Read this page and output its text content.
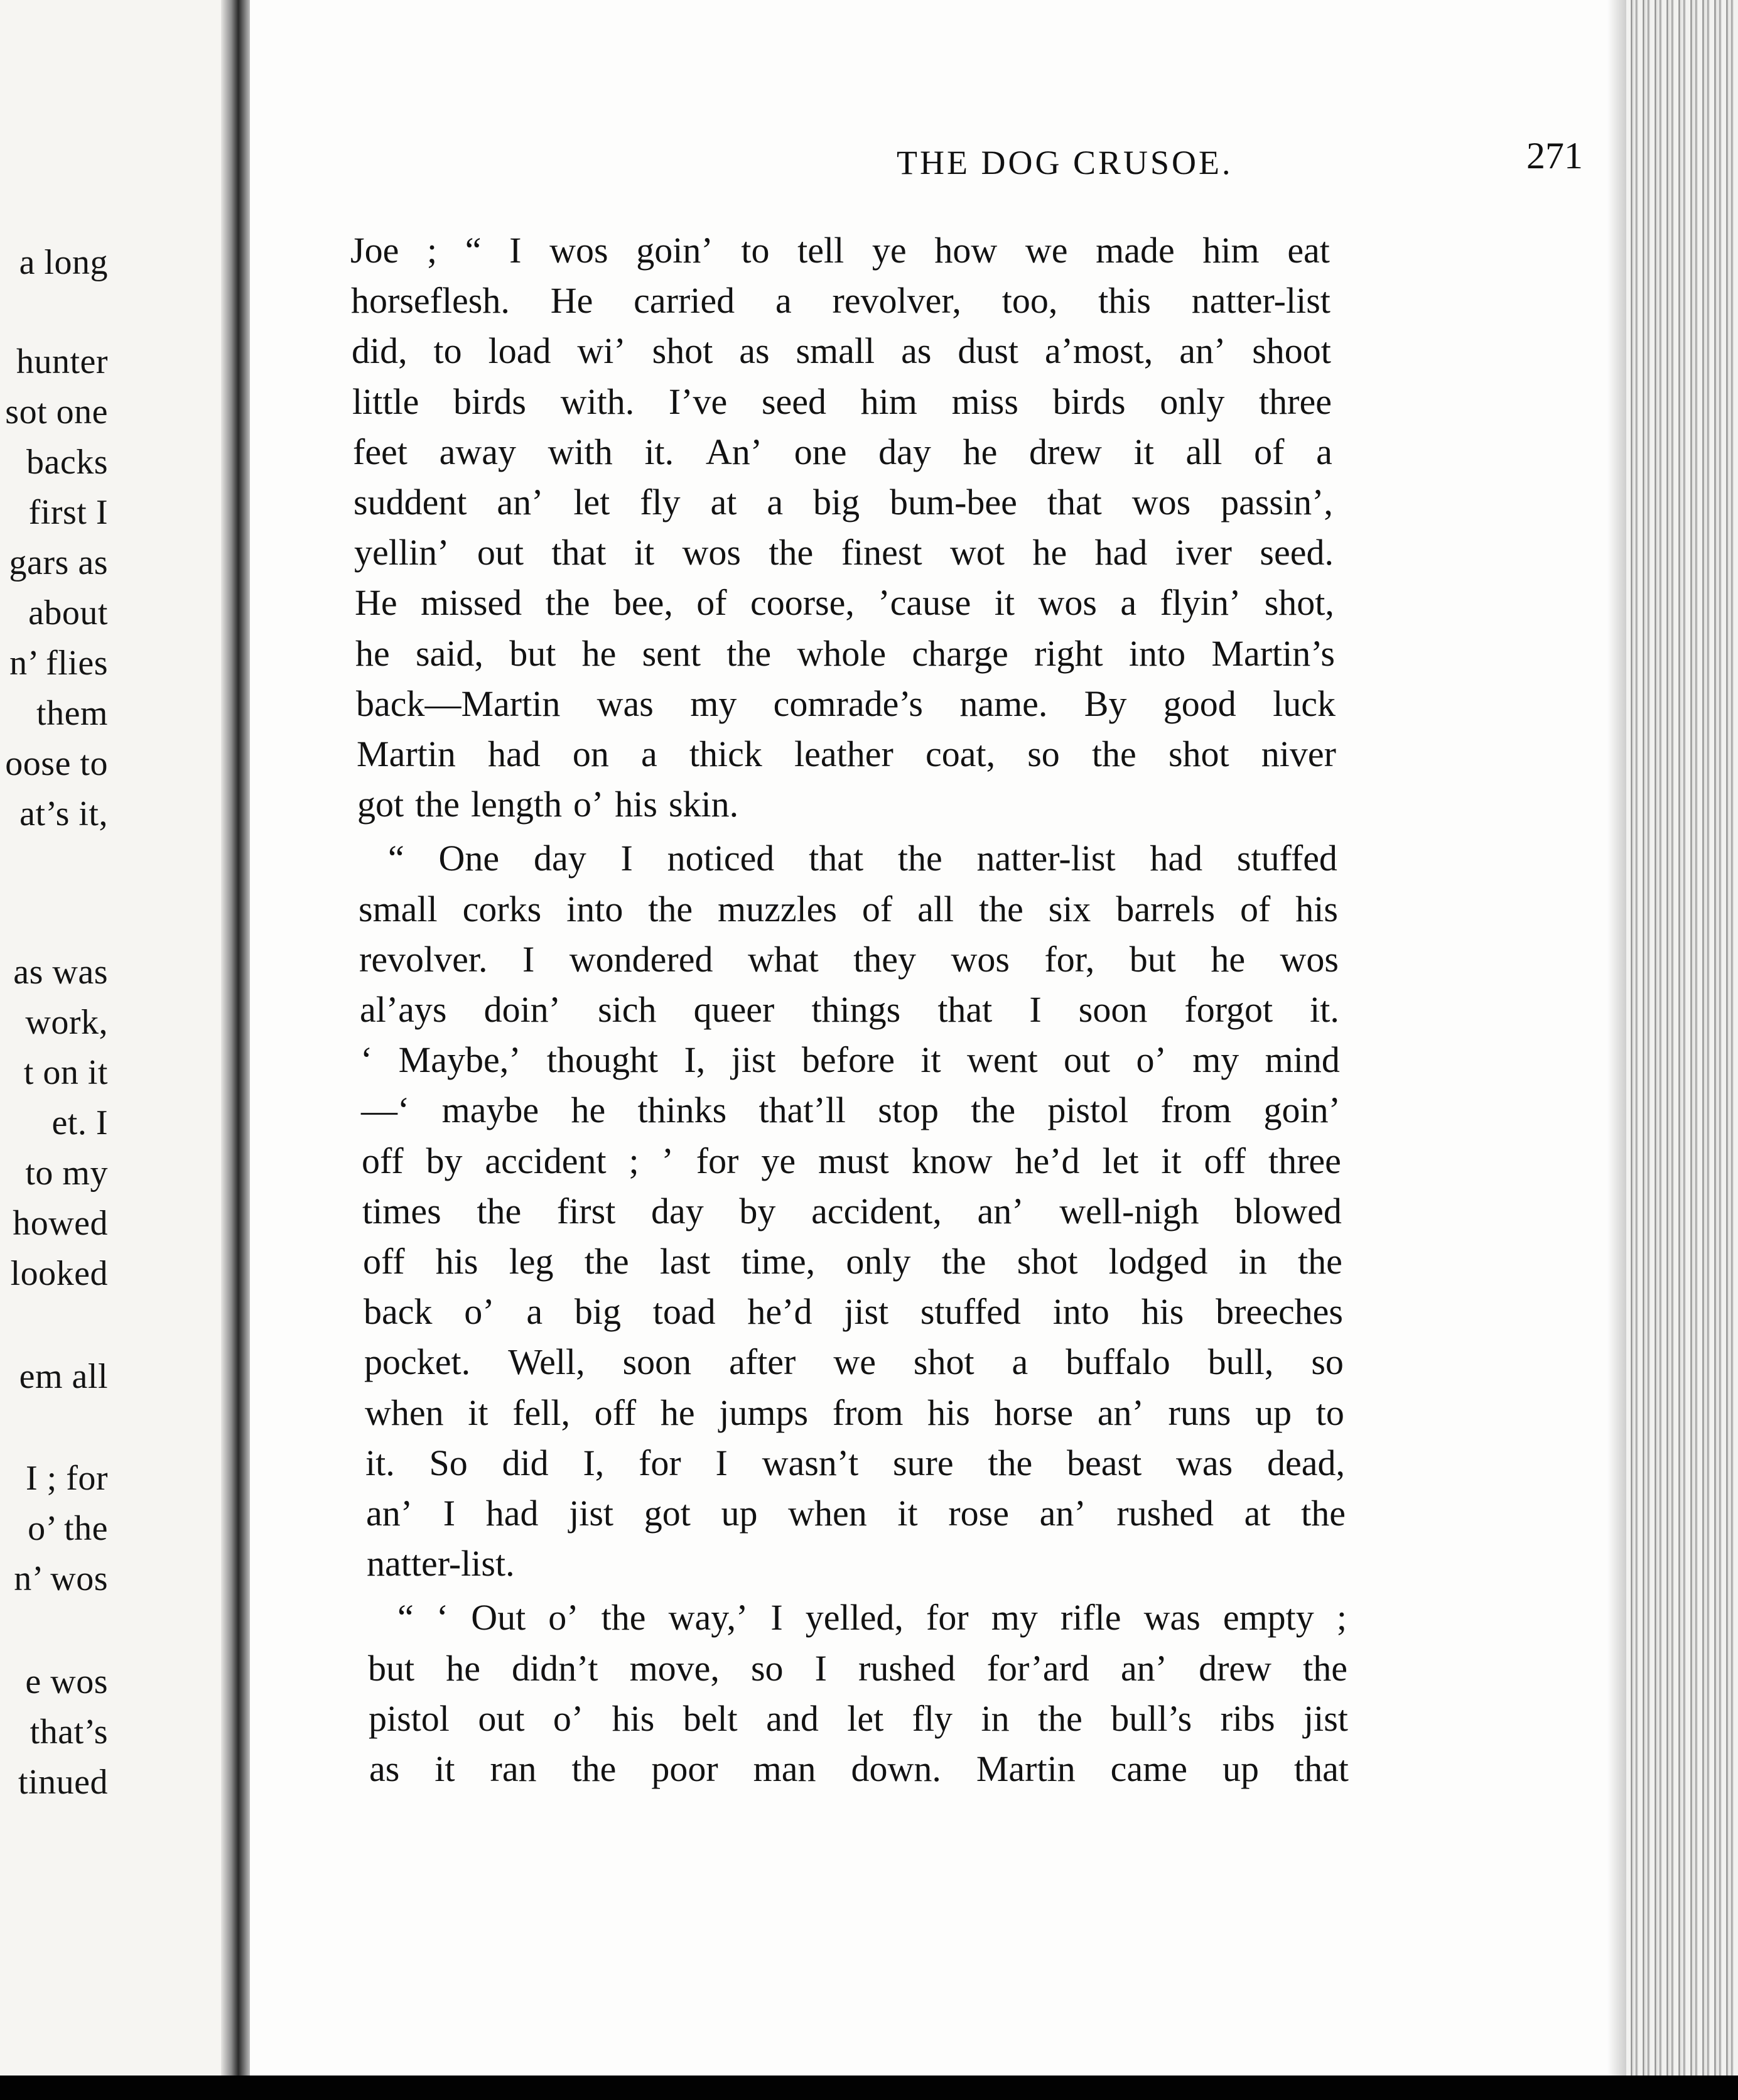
a long
hunter
sot one
backs
first I
gars as
about
n’ flies
them
oose to
at’s it,
as was
work,
t on it
et. I
to my
howed
looked
em all
I ; for
o’ the
n’ wos
e wos
that’s
tinued
THE DOG CRUSOE.	271
Joe ; “ I wos goin’ to tell ye how we made him eat
horseflesh. He carried a revolver, too, this natter-list
did, to load wi’ shot as small as dust a’most, an’ shoot
little birds with. I’ve seed him miss birds only three
feet away with it. An’ one day he drew it all of a
suddent an’ let fly at a big bum-bee that wos passin’,
yellin’ out that it wos the finest wot he had iver seed.
He missed the bee, of coorse, ’cause it wos a flyin’ shot,
he said, but he sent the whole charge right into Martin’s
back—Martin was my comrade’s name. By good luck
Martin had on a thick leather coat, so the shot niver
got the length o’ his skin.
“ One day I noticed that the natter-list had stuffed
small corks into the muzzles of all the six barrels of his
revolver. I wondered what they wos for, but he wos
al’ays doin’ sich queer things that I soon forgot it.
‘ Maybe,’ thought I, jist before it went out o’ my mind
—‘ maybe he thinks that’ll stop the pistol from goin’
off by accident ; ’ for ye must know he’d let it off three
times the first day by accident, an’ well-nigh blowed
off his leg the last time, only the shot lodged in the
back o’ a big toad he’d jist stuffed into his breeches
pocket. Well, soon after we shot a buffalo bull, so
when it fell, off he jumps from his horse an’ runs up to
it. So did I, for I wasn’t sure the beast was dead,
an’ I had jist got up when it rose an’ rushed at the
natter-list.
“ ‘ Out o’ the way,’ I yelled, for my rifle was empty ;
but he didn’t move, so I rushed for’ard an’ drew the
pistol out o’ his belt and let fly in the bull’s ribs jist
as it ran the poor man down. Martin came up that
